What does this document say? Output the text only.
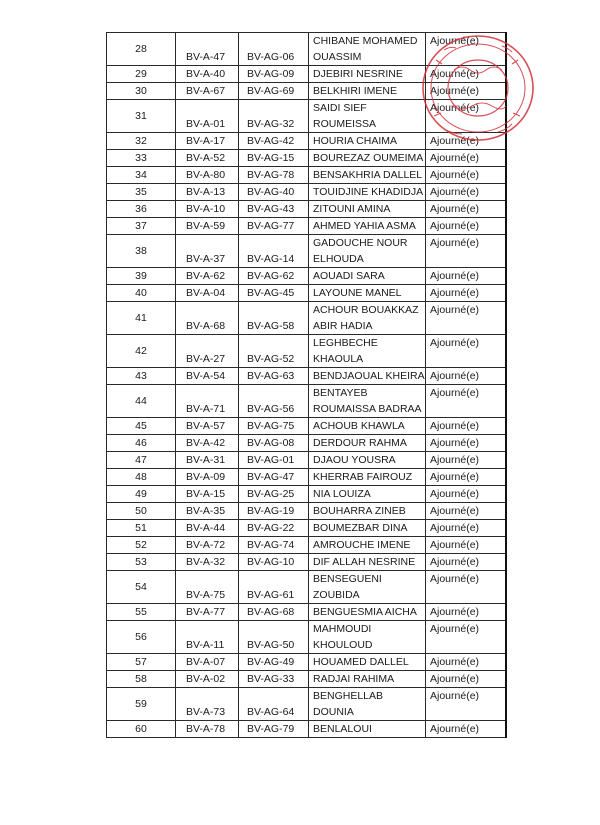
28	BV-A-47	BV-AG-06	CHIBANE MOHAMED
OUASSIM	Ajourné(e)
29	BV-A-40	BV-AG-09	DJEBIRI NESRINE	Ajourné(e)
30	BV-A-67	BV-AG-69	BELKHIRI IMENE	Ajourné(e)
31	BV-A-01	BV-AG-32	SAIDI SIEF
ROUMEISSA	Ajourné(e)
32	BV-A-17	BV-AG-42	HOURIA CHAIMA	Ajourné(e)
33	BV-A-52	BV-AG-15	BOUREZAZ OUMEIMA	Ajourné(e)
34	BV-A-80	BV-AG-78	BENSAKHRIA DALLEL	Ajourné(e)
35	BV-A-13	BV-AG-40	TOUIDJINE KHADIDJA	Ajourné(e)
36	BV-A-10	BV-AG-43	ZITOUNI AMINA	Ajourné(e)
37	BV-A-59	BV-AG-77	AHMED YAHIA ASMA	Ajourné(e)
38	BV-A-37	BV-AG-14	GADOUCHE NOUR
ELHOUDA	Ajourné(e)
39	BV-A-62	BV-AG-62	AOUADI SARA	Ajourné(e)
40	BV-A-04	BV-AG-45	LAYOUNE MANEL	Ajourné(e)
41	BV-A-68	BV-AG-58	ACHOUR BOUAKKAZ
ABIR HADIA	Ajourné(e)
42	BV-A-27	BV-AG-52	LEGHBECHE
KHAOULA	Ajourné(e)
43	BV-A-54	BV-AG-63	BENDJAOUAL KHEIRA	Ajourné(e)
44	BV-A-71	BV-AG-56	BENTAYEB
ROUMAISSA BADRAA	Ajourné(e)
45	BV-A-57	BV-AG-75	ACHOUB KHAWLA	Ajourné(e)
46	BV-A-42	BV-AG-08	DERDOUR RAHMA	Ajourné(e)
47	BV-A-31	BV-AG-01	DJAOU YOUSRA	Ajourné(e)
48	BV-A-09	BV-AG-47	KHERRAB FAIROUZ	Ajourné(e)
49	BV-A-15	BV-AG-25	NIA LOUIZA	Ajourné(e)
50	BV-A-35	BV-AG-19	BOUHARRA ZINEB	Ajourné(e)
51	BV-A-44	BV-AG-22	BOUMEZBAR DINA	Ajourné(e)
52	BV-A-72	BV-AG-74	AMROUCHE IMENE	Ajourné(e)
53	BV-A-32	BV-AG-10	DIF ALLAH NESRINE	Ajourné(e)
54	BV-A-75	BV-AG-61	BENSEGUENI
ZOUBIDA	Ajourné(e)
55	BV-A-77	BV-AG-68	BENGUESMIA AICHA	Ajourné(e)
56	BV-A-11	BV-AG-50	MAHMOUDI
KHOULOUD	Ajourné(e)
57	BV-A-07	BV-AG-49	HOUAMED DALLEL	Ajourné(e)
58	BV-A-02	BV-AG-33	RADJAI RAHIMA	Ajourné(e)
59	BV-A-73	BV-AG-64	BENGHELLAB
DOUNIA	Ajourné(e)
60	BV-A-78	BV-AG-79	BENLALOUI	Ajourné(e)
